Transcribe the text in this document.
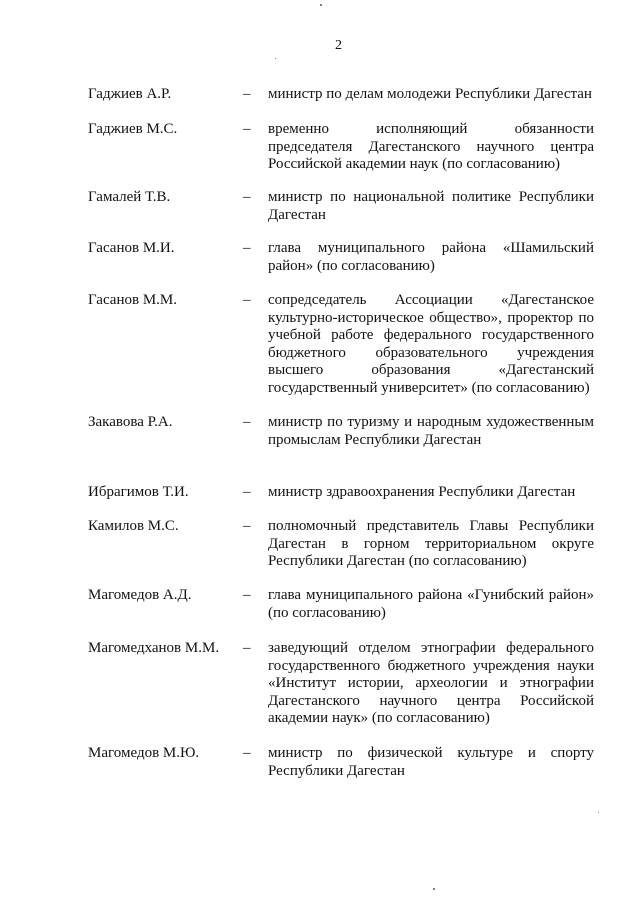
2
Гаджиев А.Р.	– министр по делам молодежи Республики Дагестан
Гаджиев М.С.	– временно исполняющий обязанности председателя Дагестанского научного центра Российской академии наук (по согласованию)
Гамалей Т.В.	– министр по национальной политике Республики Дагестан
Гасанов М.И.	– глава муниципального района «Шамильский район» (по согласованию)
Гасанов М.М.	– сопредседатель Ассоциации «Дагестанское культурно-историческое общество», проректор по учебной работе федерального государственного бюджетного образовательного учреждения высшего образования «Дагестанский государственный университет» (по согласованию)
Закавова Р.А.	– министр по туризму и народным художественным промыслам Республики Дагестан
Ибрагимов Т.И.	– министр здравоохранения Республики Дагестан
Камилов М.С.	– полномочный представитель Главы Республики Дагестан в горном территориальном округе Республики Дагестан (по согласованию)
Магомедов А.Д.	– глава муниципального района «Гунибский район» (по согласованию)
Магомедханов М.М. – заведующий отделом этнографии федерального государственного бюджетного учреждения науки «Институт истории, археологии и этнографии Дагестанского научного центра Российской академии наук» (по согласованию)
Магомедов М.Ю.	– министр по физической культуре и спорту Республики Дагестан
